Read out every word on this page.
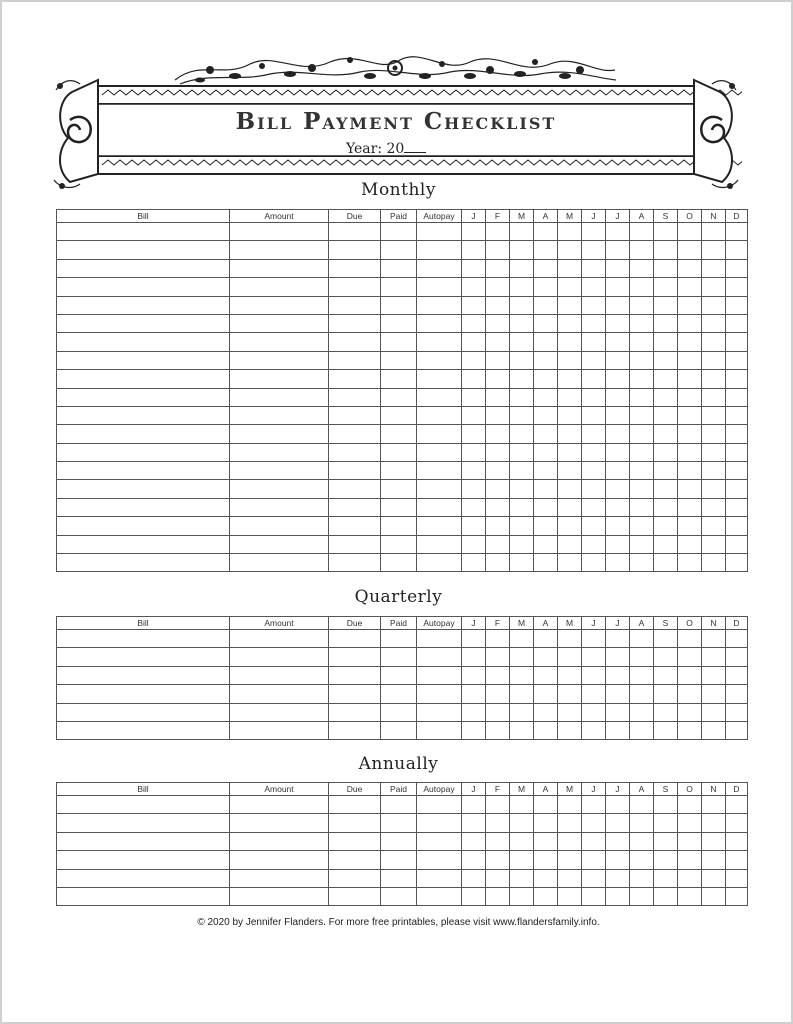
Bill Payment Checklist
Year: 20
Monthly
Bill	Amount	Due	Paid	Autopay	J	F	M	A	M	J	J	A	S	O	N	D

Quarterly
Bill	Amount	Due	Paid	Autopay	J	F	M	A	M	J	J	A	S	O	N	D

Annually
Bill	Amount	Due	Paid	Autopay	J	F	M	A	M	J	J	A	S	O	N	D

© 2020 by Jennifer Flanders. For more free printables, please visit www.flandersfamily.info.
